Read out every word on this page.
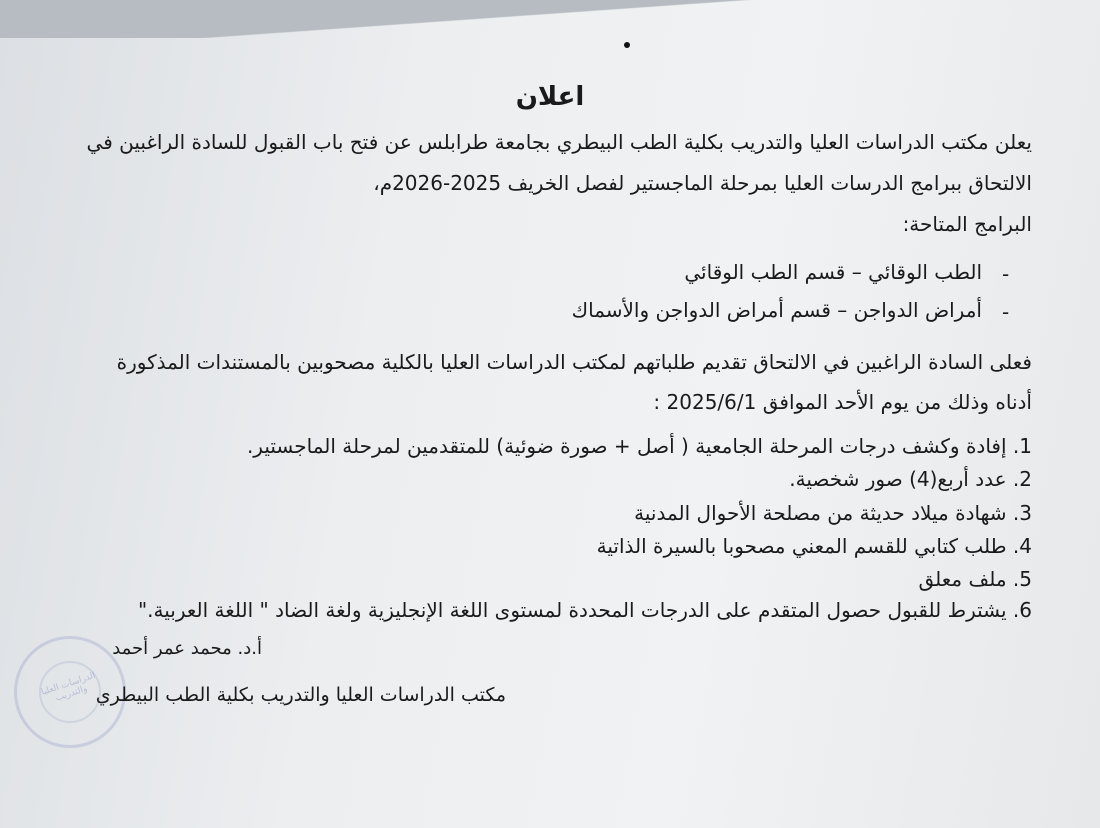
الدراسات العليا والتدريب
اعلان
يعلن مكتب الدراسات العليا والتدريب بكلية الطب البيطري بجامعة طرابلس عن فتح باب القبول للسادة الراغبين في
الالتحاق ببرامج الدرسات العليا بمرحلة الماجستير لفصل الخريف 2025-2026م،
البرامج المتاحة:
-
الطب الوقائي – قسم الطب الوقائي
-
أمراض الدواجن – قسم أمراض الدواجن والأسماك
فعلى السادة الراغبين في الالتحاق تقديم طلباتهم لمكتب الدراسات العليا بالكلية مصحوبين بالمستندات المذكورة
أدناه وذلك من يوم الأحد الموافق 2025/6/1 :
1. إفادة وكشف درجات المرحلة الجامعية ( أصل + صورة ضوئية) للمتقدمين لمرحلة الماجستير.
2. عدد أربع(4) صور شخصية.
3. شهادة ميلاد حديثة من مصلحة الأحوال المدنية
4. طلب كتابي للقسم المعني مصحوبا بالسيرة الذاتية
5. ملف معلق
6. يشترط للقبول حصول المتقدم على الدرجات المحددة لمستوى اللغة الإنجليزية ولغة الضاد " اللغة العربية."
أ.د. محمد عمر أحمد
مكتب الدراسات العليا والتدريب بكلية الطب البيطري
